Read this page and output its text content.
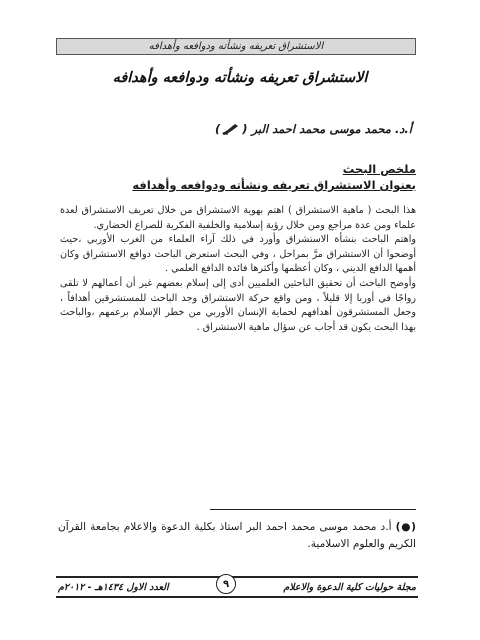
الاستشراق تعريفه ونشأته ودوافعه وأهدافه
الاستشراق تعريفه ونشأته ودوافعه وأهدافه
أ.د. محمد موسى محمد احمد البر
(
)
ملخص البحث
بعنوان الاستشراق تعريفه ونشأته ودوافعه وأهدافه

هذا البحث ( ماهية الاستشراق ) اهتم بهوية الاستشراق من خلال تعريف الاستشراق لعدة علماء ومن عدة مراجع ومن خلال رؤية إسلامية والخلفية الفكرية للصراع الحضاري.

واهتم الباحث بنشأة الاستشراق وأورد في ذلك آراء العلماء من الغرب الأوربي ،حيث أوضحوا أن الاستشراق مرَّ بمراحل ، وفي البحث استعرض الباحث دوافع الاستشراق وكان أهمها الدافع الديني ، وكان أعظمها وأكثرها فائدة الدافع العلمي .

وأوضح الباحث أن تحقيق الباحثين العلميين أدى إلى إسلام بعضهم غير أن أعمالهم لا تلقى رواجًا في أوربا إلا قليلاً ، ومن واقع حركة الاستشراق وجد الباحث للمستشرقين أهدافاً ، وجعل المستشرقون أهدافهم لحماية الإنسان الأوربي من خطر الإسلام برعمهم ،والباحث بهذا البحث يكون قد أجاب عن سؤال ماهية الاستشراق .

(●) أ.د محمد موسى محمد احمد البر استاذ بكلية الدعوة والاعلام بجامعة القرآن الكريم والعلوم الاسلامية.
مجلة حوليات كلية الدعوة والاعلام
٩
العدد الاول ١٤٣٤هـ - ٢٠١٢م
